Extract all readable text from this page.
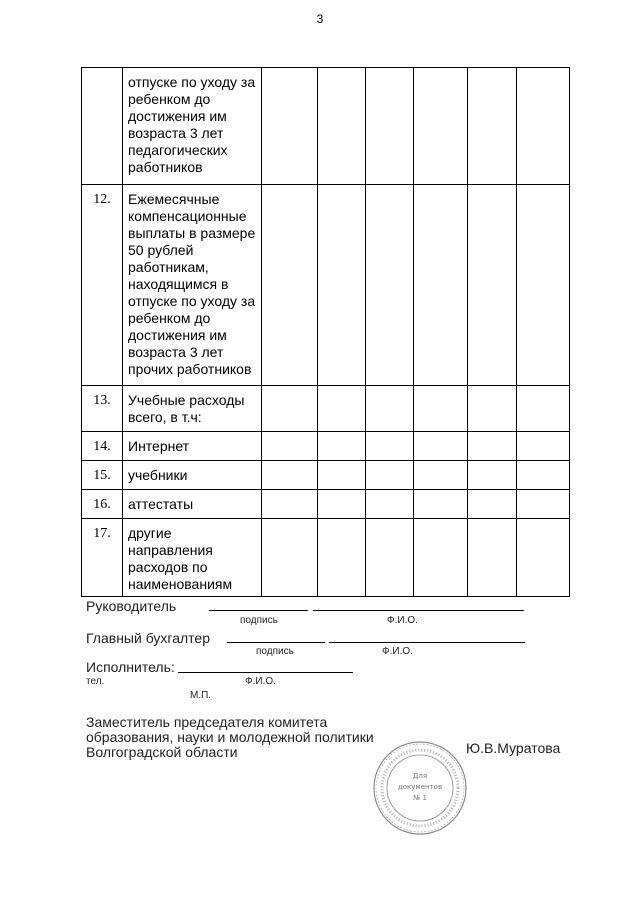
3
	отпуске по уходу за ребенком до достижения им возраста 3 лет педагогических работников						
12.	Ежемесячные компенсационные выплаты в размере 50 рублей работникам, находящимся в отпуске по уходу за ребенком до достижения им возраста 3 лет прочих работников						
13.	Учебные расходы всего, в т.ч:						
14.	Интернет						
15.	учебники						
16.	аттестаты						
17.	другие направления расходов по наименованиям						
Руководитель
подпись	Ф.И.О.
Главный бухгалтер
подпись	Ф.И.О.
Исполнитель:
тел.	Ф.И.О.
М.П.
Заместитель председателя комитета
образования, науки и молодежной политики
Волгоградской области	Ю.В.Муратова
Для
документов
№ 1
